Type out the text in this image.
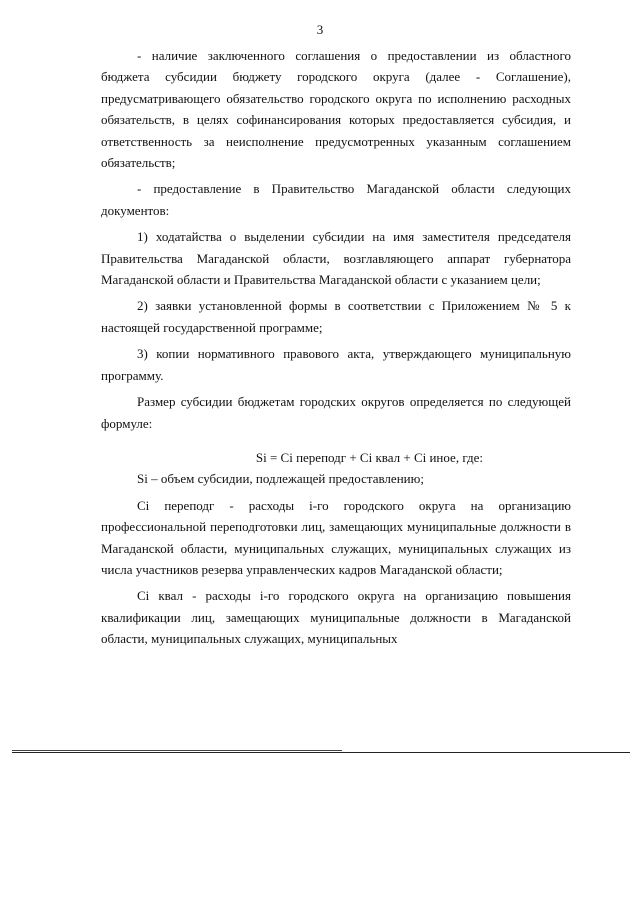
3

- наличие заключенного соглашения о предоставлении из областного бюджета субсидии бюджету городского округа (далее - Соглашение), предусматривающего обязательство городского округа по исполнению расходных обязательств, в целях софинансирования которых предоставляется субсидия, и ответственность за неисполнение предусмотренных указанным соглашением обязательств;

- предоставление в Правительство Магаданской области следующих документов:

1) ходатайства о выделении субсидии на имя заместителя председателя Правительства Магаданской области, возглавляющего аппарат губернатора Магаданской области и Правительства Магаданской области с указанием цели;

2) заявки установленной формы в соответствии с Приложением № 5 к настоящей государственной программе;

3) копии нормативного правового акта, утверждающего муниципальную программу.

Размер субсидии бюджетам городских округов определяется по следующей формуле:

Si = Ci переподг + Ci квал + Ci иное, где:

Si – объем субсидии, подлежащей предоставлению;

Ci переподг - расходы i-го городского округа на организацию профессиональной переподготовки лиц, замещающих муниципальные должности в Магаданской области, муниципальных служащих, муниципальных служащих из числа участников резерва управленческих кадров Магаданской области;

Ci квал - расходы i-го городского округа на организацию повышения квалификации лиц, замещающих муниципальные должности в Магаданской области, муниципальных служащих, муниципальных
